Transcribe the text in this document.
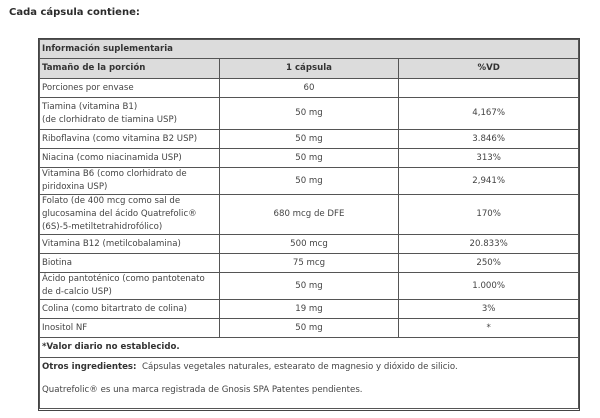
Cada cápsula contiene:
Información suplementaria		
Tamaño de la porción	1 cápsula	%VD
Porciones por envase	60	

Tiamina (vitamina B1)
(de clorhidrato de tiamina USP)	50 mg	4,167%
Riboflavina (como vitamina B2 USP)	50 mg	3.846%
Niacina (como niacinamida USP)	50 mg	313%
Vitamina B6 (como clorhidrato de piridoxina USP)	50 mg	2,941%
Folato (de 400 mcg como sal de glucosamina del ácido Quatrefolic® (6S)-5-metiltetrahidrofólico)	680 mcg de DFE	170%
Vitamina B12 (metilcobalamina)	500 mcg	20.833%
Biotina	75 mcg	250%
Ácido pantoténico (como pantotenato de d-calcio USP)	50 mg	1.000%
Colina (como bitartrato de colina)	19 mg	3%
Inositol NF	50 mg	*
*Valor diario no establecido.		

Otros ingredientes: Cápsulas vegetales naturales, estearato de magnesio y dióxido de silicio.
Quatrefolic® es una marca registrada de Gnosis SPA Patentes pendientes.		
